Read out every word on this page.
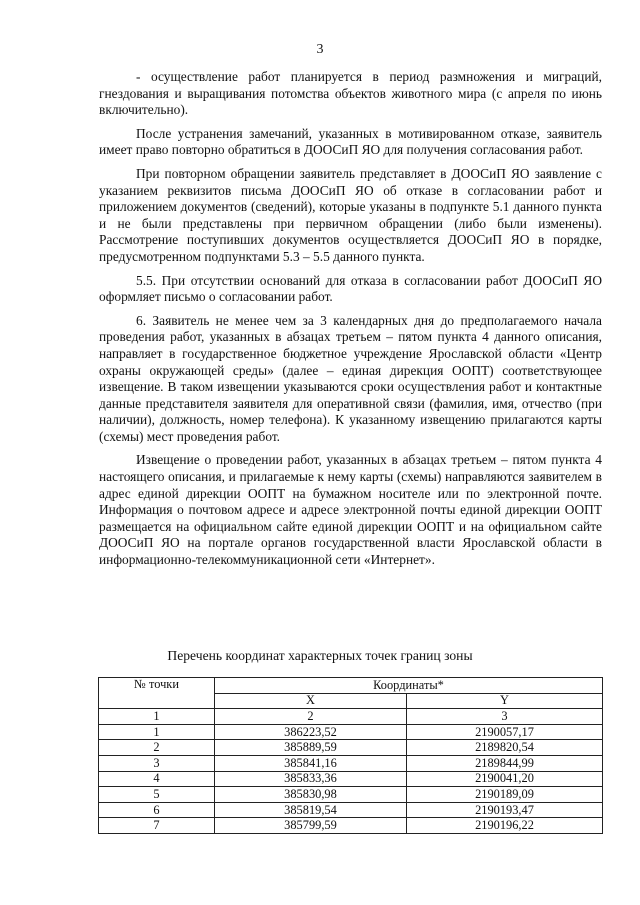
3

- осуществление работ планируется в период размножения и миграций, гнездования и выращивания потомства объектов животного мира (с апреля по июнь включительно).

После устранения замечаний, указанных в мотивированном отказе, заявитель имеет право повторно обратиться в ДООСиП ЯО для получения согласования работ.

При повторном обращении заявитель представляет в ДООСиП ЯО заявление с указанием реквизитов письма ДООСиП ЯО об отказе в согласовании работ и приложением документов (сведений), которые указаны в подпункте 5.1 данного пункта и не были представлены при первичном обращении (либо были изменены). Рассмотрение поступивших документов осуществляется ДООСиП ЯО в порядке, предусмотренном подпунктами 5.3 – 5.5 данного пункта.

5.5. При отсутствии оснований для отказа в согласовании работ ДООСиП ЯО оформляет письмо о согласовании работ.

6. Заявитель не менее чем за 3 календарных дня до предполагаемого начала проведения работ, указанных в абзацах третьем – пятом пункта 4 данного описания, направляет в государственное бюджетное учреждение Ярославской области «Центр охраны окружающей среды» (далее – единая дирекция ООПТ) соответствующее извещение. В таком извещении указываются сроки осуществления работ и контактные данные представителя заявителя для оперативной связи (фамилия, имя, отчество (при наличии), должность, номер телефона). К указанному извещению прилагаются карты (схемы) мест проведения работ.

Извещение о проведении работ, указанных в абзацах третьем – пятом пункта 4 настоящего описания, и прилагаемые к нему карты (схемы) направляются заявителем в адрес единой дирекции ООПТ на бумажном носителе или по электронной почте. Информация о почтовом адресе и адресе электронной почты единой дирекции ООПТ размещается на официальном сайте единой дирекции ООПТ и на официальном сайте ДООСиП ЯО на портале органов государственной власти Ярославской области в информационно-телекоммуникационной сети «Интернет».

Перечень координат характерных точек границ зоны
№ точки	Координаты*	
	X	Y
1	2	3
1	386223,52	2190057,17
2	385889,59	2189820,54
3	385841,16	2189844,99
4	385833,36	2190041,20
5	385830,98	2190189,09
6	385819,54	2190193,47
7	385799,59	2190196,22
